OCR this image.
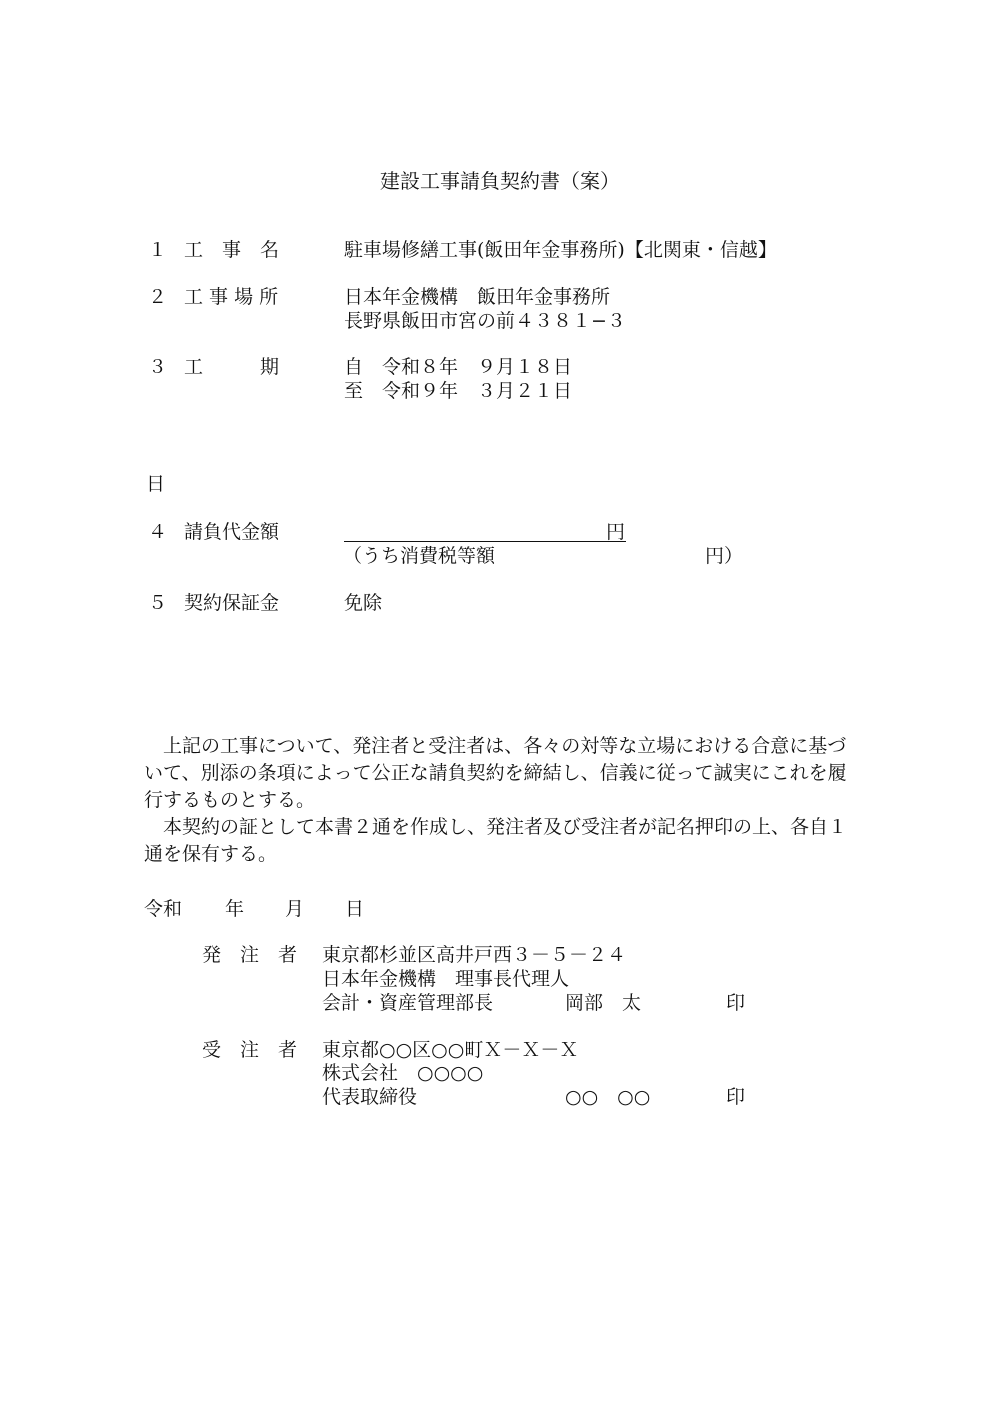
建設工事請負契約書（案）
１ 工　事　名	駐車場修繕工事(飯田年金事務所)【北関東・信越】
２ 工 事 場 所	日本年金機構　飯田年金事務所
長野県飯田市宮の前４３８１−３
３ 工　　　期	自　令和８年　９月１８日
至　令和９年　３月２１日
日
４ 請負代金額	円
（うち消費税等額	円）
５ 契約保証金	免除

上記の工事について、発注者と受注者は、各々の対等な立場における合意に基づいて、別添の条項によって公正な請負契約を締結し、信義に従って誠実にこれを履行するものとする。

本契約の証として本書２通を作成し、発注者及び受注者が記名押印の上、各自１通を保有する。

令和 年 月 日
発　注　者 東京都杉並区高井戸西３－５－２４
日本年金機構　理事長代理人
会計・資産管理部長	岡部　太	印
受　注　者 東京都○○区○○町Ｘ－Ｘ－Ｘ
株式会社　○○○○
代表取締役	○○　○○	印
